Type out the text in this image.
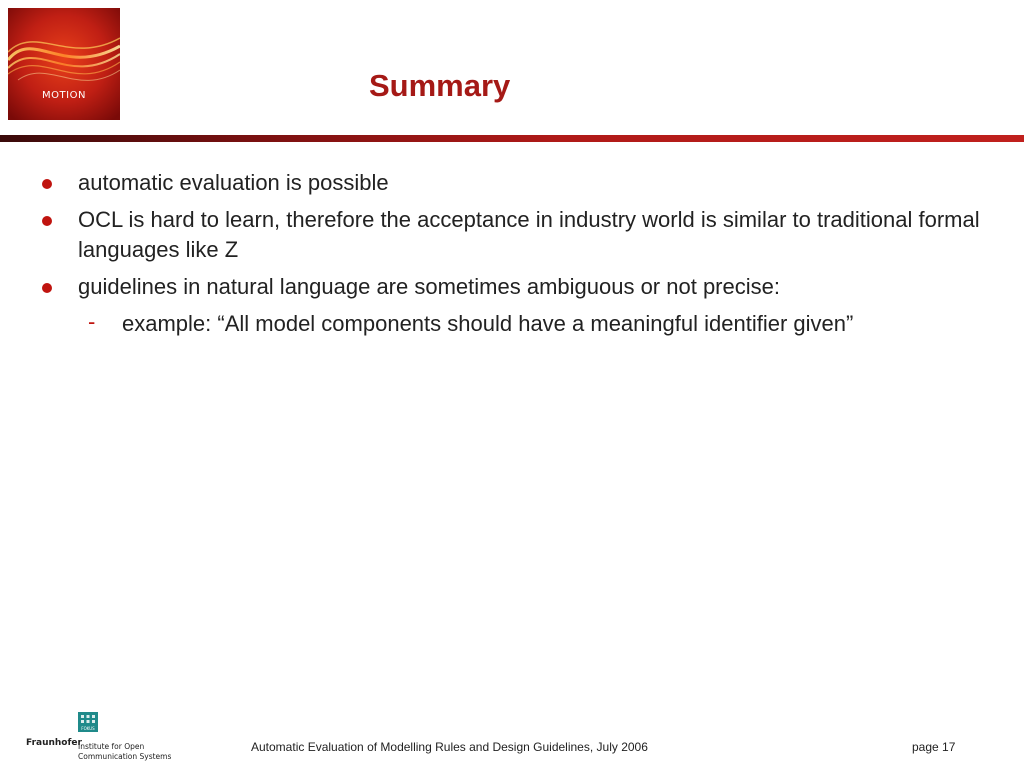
MOTION	Summary
automatic evaluation is possible
OCL is hard to learn, therefore the acceptance in industry world is similar to traditional formal languages like Z
guidelines in natural language are sometimes ambiguous or not precise:
- example: “All model components should have a meaningful identifier given”
FOKUS
Fraunhofer
Institute for Open
Communication Systems
Automatic Evaluation of Modelling Rules and Design Guidelines, July 2006	page 17
